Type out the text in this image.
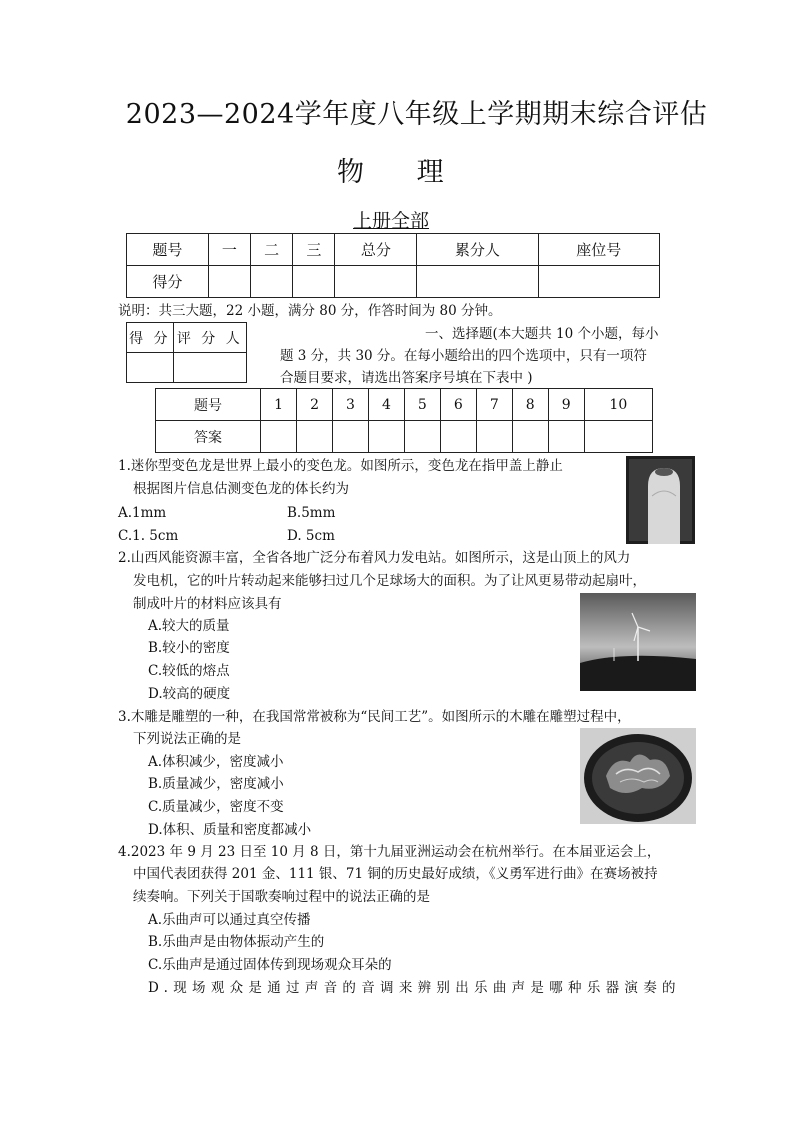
2023—2024学年度八年级上学期期末综合评估
物 理
上册全部
题号	一	二	三	总分	累分人	座位号
得分						
说明：共三大题，22 小题，满分 80 分，作答时间为 80 分钟。
得 分	评 分 人
		一、选择题(本大题共 10 个小题，每小
题 3 分，共 30 分。在每小题给出的四个选项中，只有一项符
合题目要求，请选出答案序号填在下表中 )
题号	1	2	3	4	5	6	7	8	9	10
答案										
1.迷你型变色龙是世界上最小的变色龙。如图所示，变色龙在指甲盖上静止
根据图片信息估测变色龙的体长约为
A.1mm	B.5mm
C.1. 5cm	D. 5cm
2.山西风能资源丰富，全省各地广泛分布着风力发电站。如图所示，这是山顶上的风力
发电机，它的叶片转动起来能够扫过几个足球场大的面积。为了让风更易带动起扇叶，
制成叶片的材料应该具有
A.较大的质量
B.较小的密度
C.较低的熔点
D.较高的硬度
3.木雕是雕塑的一种，在我国常常被称为“民间工艺”。如图所示的木雕在雕塑过程中，
下列说法正确的是
A.体积减少，密度减小
B.质量减少，密度减小
C.质量减少，密度不变
D.体积、质量和密度都减小
4.2023 年 9 月 23 日至 10 月 8 日，第十九届亚洲运动会在杭州举行。在本届亚运会上，
中国代表团获得 201 金、111 银、71 铜的历史最好成绩，《义勇军进行曲》在赛场被持
续奏响。下列关于国歌奏响过程中的说法正确的是
A.乐曲声可以通过真空传播
B.乐曲声是由物体振动产生的
C.乐曲声是通过固体传到现场观众耳朵的
D.现场观众是通过声音的音调来辨别出乐曲声是哪种乐器演奏的
